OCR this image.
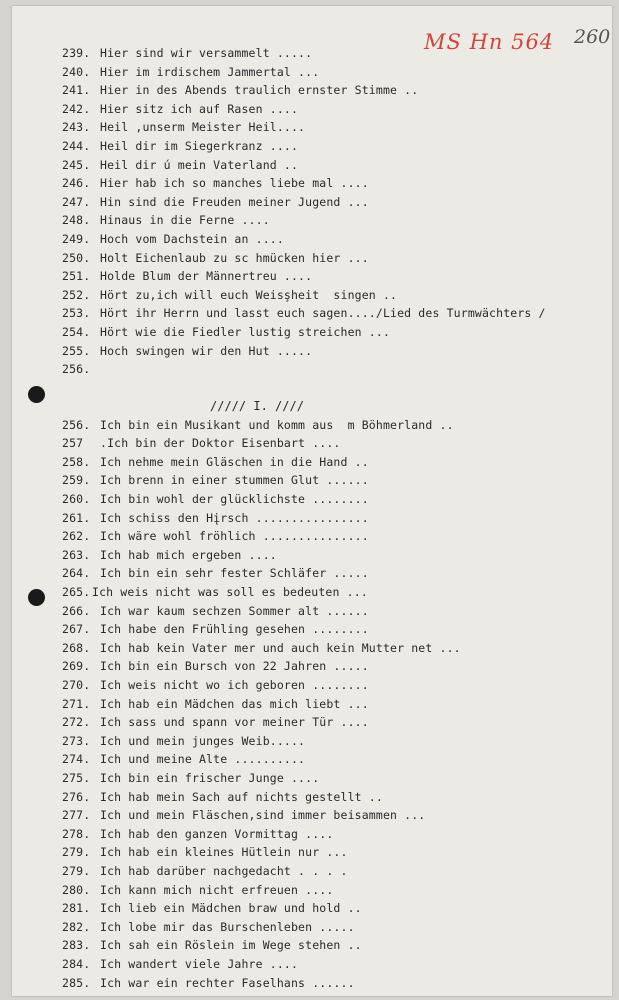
MS Hn 564 260
239. Hier sind wir versammelt .....
240. Hier im irdischem Jammertal ...
241. Hier in des Abends traulich ernster Stimme ..
242. Hier sitz ich auf Rasen ....
243. Heil ,unserm Meister Heil....
244. Heil dir im Siegerkranz ....
245. Heil dir ú mein Vaterland ..
246. Hier hab ich so manches liebe mal ....
247. Hin sind die Freuden meiner Jugend ...
248. Hinaus in die Ferne ....
249. Hoch vom Dachstein an ....
250. Holt Eichenlaub zu sc hmücken hier ...
251. Holde Blum der Männertreu ....
252. Hört zu,ich will euch Weisşheit  singen ..
253. Hört ihr Herrn und lasst euch sagen..../Lied des Turmwächters /
254. Hört wie die Fiedler lustig streichen ...
255. Hoch swingen wir den Hut .....
256.
///// I. ////
256. Ich bin ein Musikant und komm aus  m Böhmerland ..
257 .Ich bin der Doktor Eisenbart ....
258. Ich nehme mein Gläschen in die Hand ..
259. Ich brenn in einer stummen Glut ......
260. Ich bin wohl der glücklichste ........
261. Ich schiss den Hįrsch ................
262. Ich wäre wohl fröhlich ...............
263. Ich hab mich ergeben ....
264. Ich bin ein sehr fester Schläfer .....
265. Ich weis nicht was soll es bedeuten ...
266. Ich war kaum sechzen Sommer alt ......
267. Ich habe den Frühling gesehen ........
268. Ich hab kein Vater mer und auch kein Mutter net ...
269. Ich bin ein Bursch von 22 Jahren .....
270. Ich weis nicht wo ich geboren ........
271. Ich hab ein Mädchen das mich liebt ...
272. Ich sass und spann vor meiner Tür ....
273. Ich und mein junges Weib.....
274. Ich und meine Alte ..........
275. Ich bin ein frischer Junge ....
276. Ich hab mein Sach auf nichts gestellt ..
277. Ich und mein Fläschen,sind immer beisammen ...
278. Ich hab den ganzen Vormittag ....
279. Ich hab ein kleines Hütlein nur ...
279. Ich hab darüber nachgedacht . . . .
280. Ich kann mich nicht erfreuen ....
281. Ich lieb ein Mädchen braw und hold ..
282. Ich lobe mir das Burschenleben .....
283. Ich sah ein Röslein im Wege stehen ..
284. Ich wandert viele Jahre ....
285. Ich war ein rechter Faselhans ......
